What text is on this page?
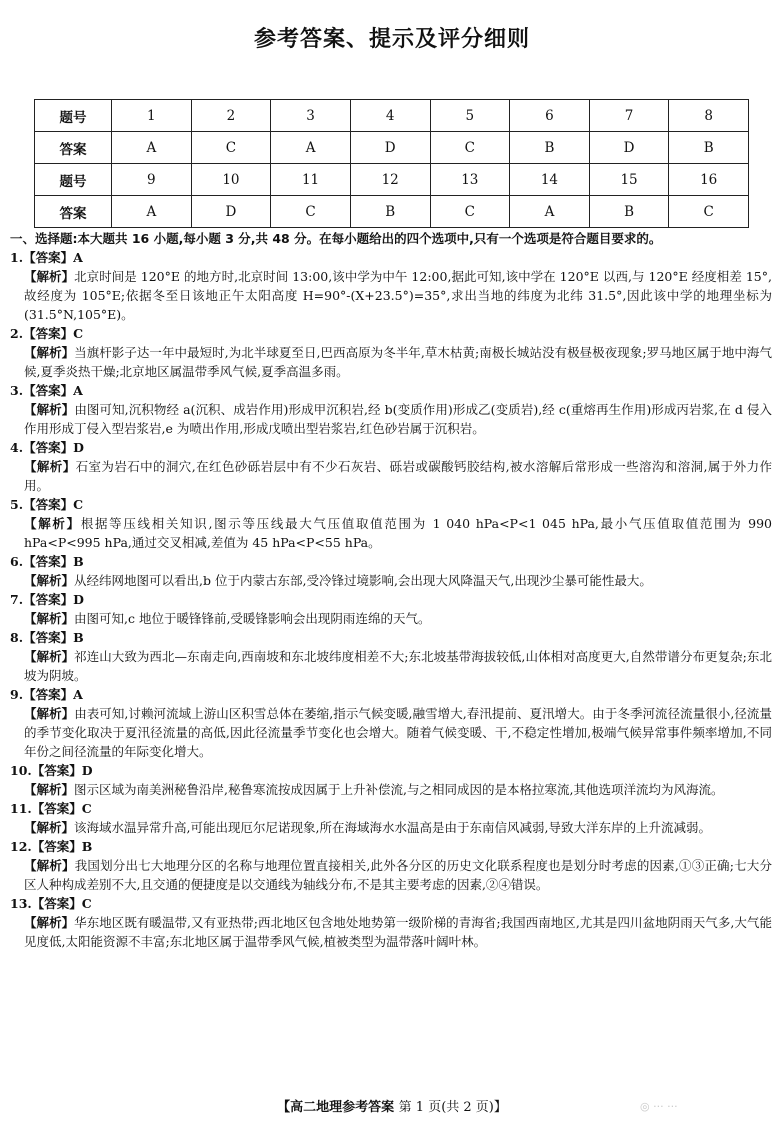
参考答案、提示及评分细则
题号	1	2	3	4	5	6	7	8
答案	A	C	A	D	C	B	D	B
题号	9	10	11	12	13	14	15	16
答案	A	D	C	B	C	A	B	C
一、选择题:本大题共 16 小题,每小题 3 分,共 48 分。在每小题给出的四个选项中,只有一个选项是符合题目要求的。
1.【答案】A
【解析】北京时间是 120°E 的地方时,北京时间 13:00,该中学为中午 12:00,据此可知,该中学在 120°E 以西,与 120°E 经度相差 15°,故经度为 105°E;依据冬至日该地正午太阳高度 H=90°-(X+23.5°)=35°,求出当地的纬度为北纬 31.5°,因此该中学的地理坐标为(31.5°N,105°E)。
2.【答案】C
【解析】当旗杆影子达一年中最短时,为北半球夏至日,巴西高原为冬半年,草木枯黄;南极长城站没有极昼极夜现象;罗马地区属于地中海气候,夏季炎热干燥;北京地区属温带季风气候,夏季高温多雨。
3.【答案】A
【解析】由图可知,沉积物经 a(沉积、成岩作用)形成甲沉积岩,经 b(变质作用)形成乙(变质岩),经 c(重熔再生作用)形成丙岩浆,在 d 侵入作用形成丁侵入型岩浆岩,e 为喷出作用,形成戊喷出型岩浆岩,红色砂岩属于沉积岩。
4.【答案】D
【解析】石室为岩石中的洞穴,在红色砂砾岩层中有不少石灰岩、砾岩或碳酸钙胶结构,被水溶解后常形成一些溶沟和溶洞,属于外力作用。
5.【答案】C
【解析】根据等压线相关知识,图示等压线最大气压值取值范围为 1 040 hPa<P<1 045 hPa,最小气压值取值范围为 990 hPa<P<995 hPa,通过交叉相减,差值为 45 hPa<P<55 hPa。
6.【答案】B
【解析】从经纬网地图可以看出,b 位于内蒙古东部,受冷锋过境影响,会出现大风降温天气,出现沙尘暴可能性最大。
7.【答案】D
【解析】由图可知,c 地位于暖锋锋前,受暖锋影响会出现阴雨连绵的天气。
8.【答案】B
【解析】祁连山大致为西北—东南走向,西南坡和东北坡纬度相差不大;东北坡基带海拔较低,山体相对高度更大,自然带谱分布更复杂;东北坡为阴坡。
9.【答案】A
【解析】由表可知,讨赖河流域上游山区积雪总体在萎缩,指示气候变暖,融雪增大,春汛提前、夏汛增大。由于冬季河流径流量很小,径流量的季节变化取决于夏汛径流量的高低,因此径流量季节变化也会增大。随着气候变暖、干,不稳定性增加,极端气候异常事件频率增加,不同年份之间径流量的年际变化增大。
10.【答案】D
【解析】图示区域为南美洲秘鲁沿岸,秘鲁寒流按成因属于上升补偿流,与之相同成因的是本格拉寒流,其他选项洋流均为风海流。
11.【答案】C
【解析】该海域水温异常升高,可能出现厄尔尼诺现象,所在海域海水水温高是由于东南信风减弱,导致大洋东岸的上升流减弱。
12.【答案】B
【解析】我国划分出七大地理分区的名称与地理位置直接相关,此外各分区的历史文化联系程度也是划分时考虑的因素,①③正确;七大分区人种构成差别不大,且交通的便捷度是以交通线为轴线分布,不是其主要考虑的因素,②④错误。
13.【答案】C
【解析】华东地区既有暖温带,又有亚热带;西北地区包含地处地势第一级阶梯的青海省;我国西南地区,尤其是四川盆地阴雨天气多,大气能见度低,太阳能资源不丰富;东北地区属于温带季风气候,植被类型为温带落叶阔叶林。
【高二地理参考答案 第 1 页(共 2 页)】	◎ ··· ···
